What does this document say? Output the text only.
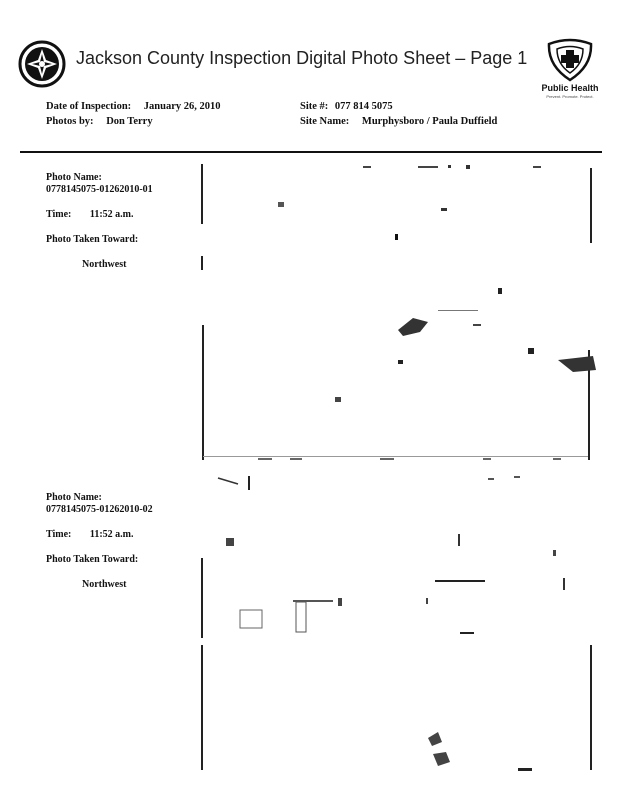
Jackson County Inspection Digital Photo Sheet – Page 1
Public Health
Prevent. Promote. Protect.
Date of Inspection: January 26, 2010
Photos by: Don Terry
Site #: 077 814 5075
Site Name: Murphysboro / Paula Duffield
Photo Name:
0778145075-01262010-01
Time: 11:52 a.m.
Photo Taken Toward:
Northwest
Photo Name:
0778145075-01262010-02
Time: 11:52 a.m.
Photo Taken Toward:
Northwest
